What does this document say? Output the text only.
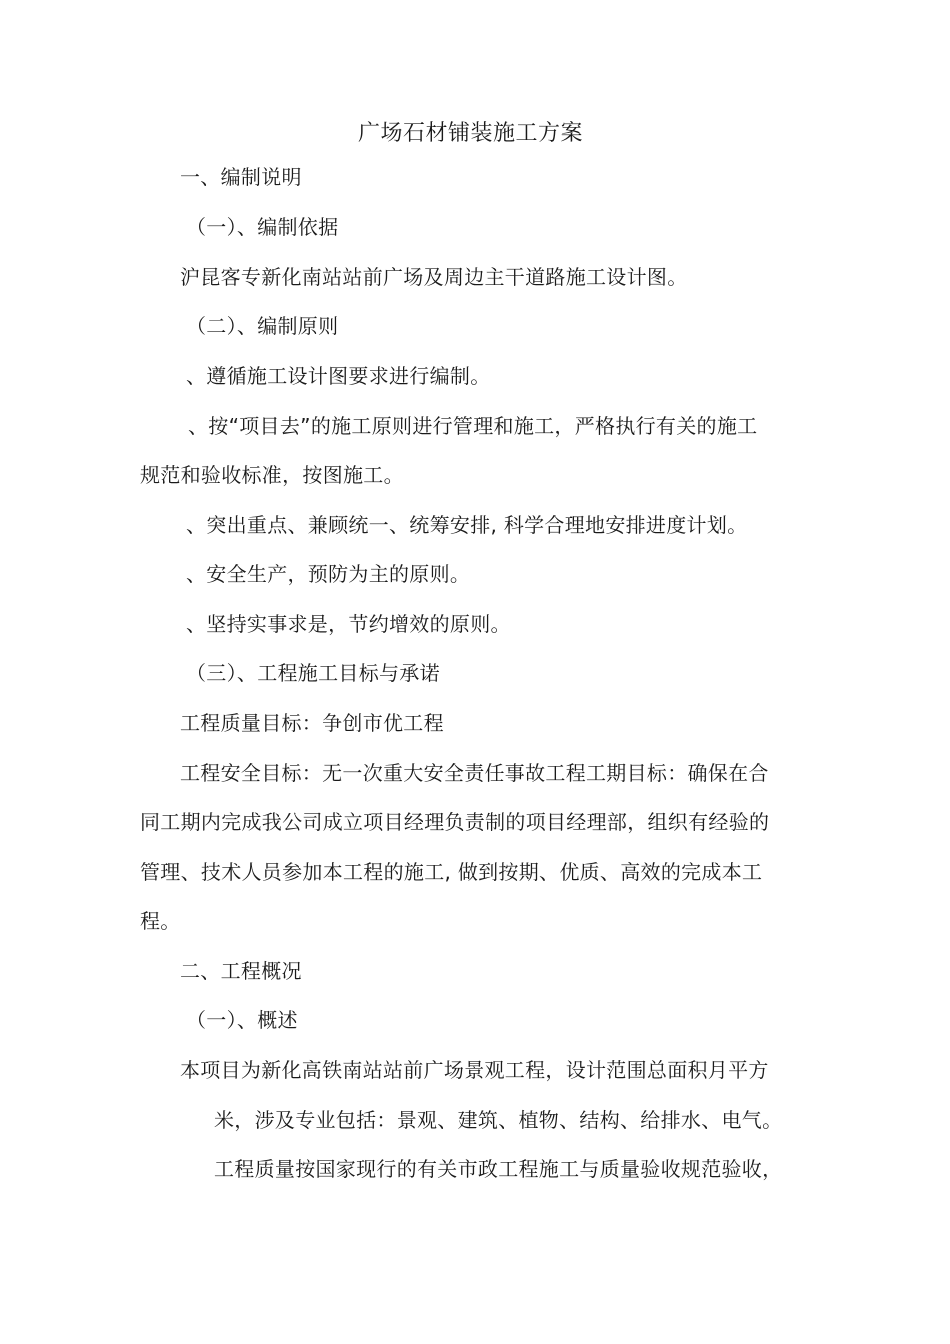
广场石材铺装施工方案
一、编制说明
（一）、编制依据
沪昆客专新化南站站前广场及周边主干道路施工设计图。
（二）、编制原则
、遵循施工设计图要求进行编制。
、按“项目去”的施工原则进行管理和施工，严格执行有关的施工
规范和验收标准，按图施工。
、突出重点、兼顾统一、统筹安排, 科学合理地安排进度计划。
、安全生产，预防为主的原则。
、坚持实事求是，节约增效的原则。
（三）、工程施工目标与承诺
工程质量目标：争创市优工程
工程安全目标：无一次重大安全责任事故工程工期目标：确保在合
同工期内完成我公司成立项目经理负责制的项目经理部，组织有经验的
管理、技术人员参加本工程的施工, 做到按期、优质、高效的完成本工
程。
二、工程概况
（一）、概述
本项目为新化高铁南站站前广场景观工程，设计范围总面积月平方
米，涉及专业包括：景观、建筑、植物、结构、给排水、电气。
工程质量按国家现行的有关市政工程施工与质量验收规范验收，
